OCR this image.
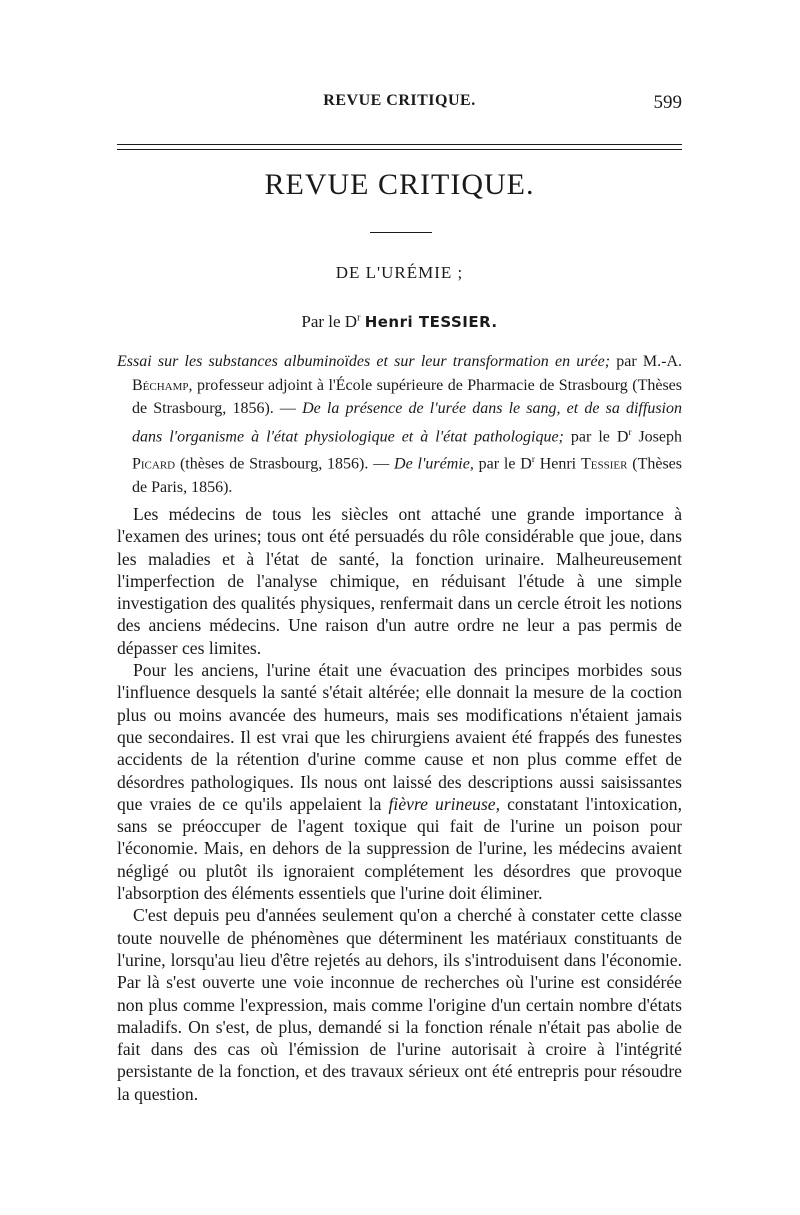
REVUE CRITIQUE.	599
REVUE CRITIQUE.
DE L'URÉMIE ;
Par le $D^r$ Henri TESSIER.

Essai sur les substances albuminoïdes et sur leur transformation en urée; par M.-A. Béchamp, professeur adjoint à l'École supérieure de Pharmacie de Strasbourg (Thèses de Strasbourg, 1856). — De la présence de l'urée dans le sang, et de sa diffusion dans l'organisme à l'état physiologique et à l'état pathologique; par le $D^r$ Joseph Picard (thèses de Strasbourg, 1856). — De l'urémie, par le $D^r$ Henri Tessier (Thèses de Paris, 1856).

Les médecins de tous les siècles ont attaché une grande importance à l'examen des urines; tous ont été persuadés du rôle considérable que joue, dans les maladies et à l'état de santé, la fonction urinaire. Malheureusement l'imperfection de l'analyse chimique, en réduisant l'étude à une simple investigation des qualités physiques, renfermait dans un cercle étroit les notions des anciens médecins. Une raison d'un autre ordre ne leur a pas permis de dépasser ces limites.

Pour les anciens, l'urine était une évacuation des principes morbides sous l'influence desquels la santé s'était altérée; elle donnait la mesure de la coction plus ou moins avancée des humeurs, mais ses modifications n'étaient jamais que secondaires. Il est vrai que les chirurgiens avaient été frappés des funestes accidents de la rétention d'urine comme cause et non plus comme effet de désordres pathologiques. Ils nous ont laissé des descriptions aussi saisissantes que vraies de ce qu'ils appelaient la fièvre urineuse, constatant l'intoxication, sans se préoccuper de l'agent toxique qui fait de l'urine un poison pour l'économie. Mais, en dehors de la suppression de l'urine, les médecins avaient négligé ou plutôt ils ignoraient complétement les désordres que provoque l'absorption des éléments essentiels que l'urine doit éliminer.

C'est depuis peu d'années seulement qu'on a cherché à constater cette classe toute nouvelle de phénomènes que déterminent les matériaux constituants de l'urine, lorsqu'au lieu d'être rejetés au dehors, ils s'introduisent dans l'économie. Par là s'est ouverte une voie inconnue de recherches où l'urine est considérée non plus comme l'expression, mais comme l'origine d'un certain nombre d'états maladifs. On s'est, de plus, demandé si la fonction rénale n'était pas abolie de fait dans des cas où l'émission de l'urine autorisait à croire à l'intégrité persistante de la fonction, et des travaux sérieux ont été entrepris pour résoudre la question.
